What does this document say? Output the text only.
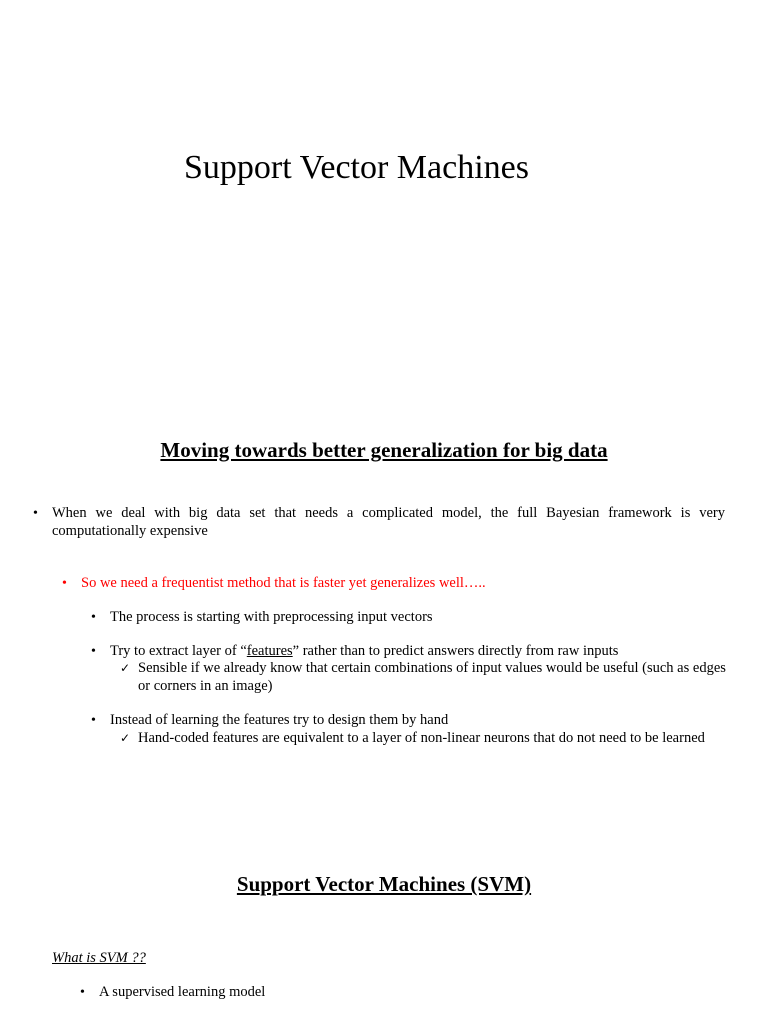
Support Vector Machines
Moving towards better generalization for big data
• When we deal with big data set that needs a complicated model, the full Bayesian framework is very computationally expensive
• So we need a frequentist method that is faster yet generalizes well…..
• The process is starting with preprocessing input vectors
• Try to extract layer of “features” rather than to predict answers directly from raw inputs
✓ Sensible if we already know that certain combinations of input values would be useful (such as edges or corners in an image)
• Instead of learning the features try to design them by hand
✓ Hand-coded features are equivalent to a layer of non-linear neurons that do not need to be learned
Support Vector Machines (SVM)
What is SVM ??
• A supervised learning model
